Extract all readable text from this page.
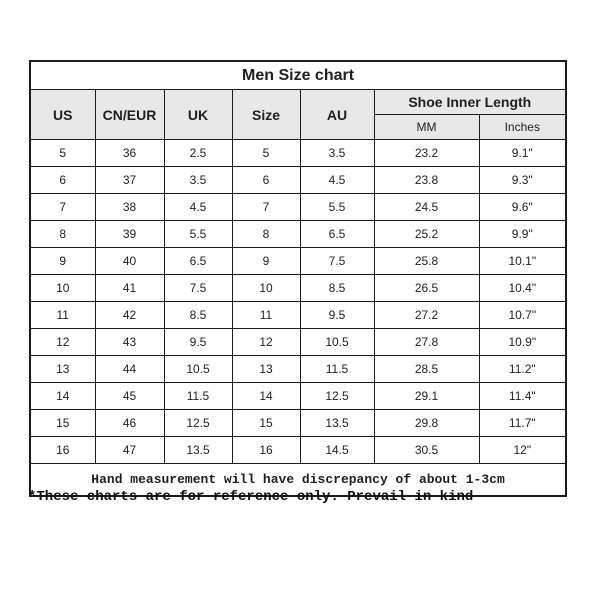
Men Size chart						
US	CN/EUR	UK	Size	AU	Shoe Inner Length	
					MM	Inches
5	36	2.5	5	3.5	23.2	9.1"
6	37	3.5	6	4.5	23.8	9.3"
7	38	4.5	7	5.5	24.5	9.6"
8	39	5.5	8	6.5	25.2	9.9"
9	40	6.5	9	7.5	25.8	10.1"
10	41	7.5	10	8.5	26.5	10.4"
11	42	8.5	11	9.5	27.2	10.7"
12	43	9.5	12	10.5	27.8	10.9"
13	44	10.5	13	11.5	28.5	11.2"
14	45	11.5	14	12.5	29.1	11.4"
15	46	12.5	15	13.5	29.8	11.7"
16	47	13.5	16	14.5	30.5	12"
Hand measurement will have discrepancy of about 1-3cm						
*These charts are for reference only. Prevail in kind
